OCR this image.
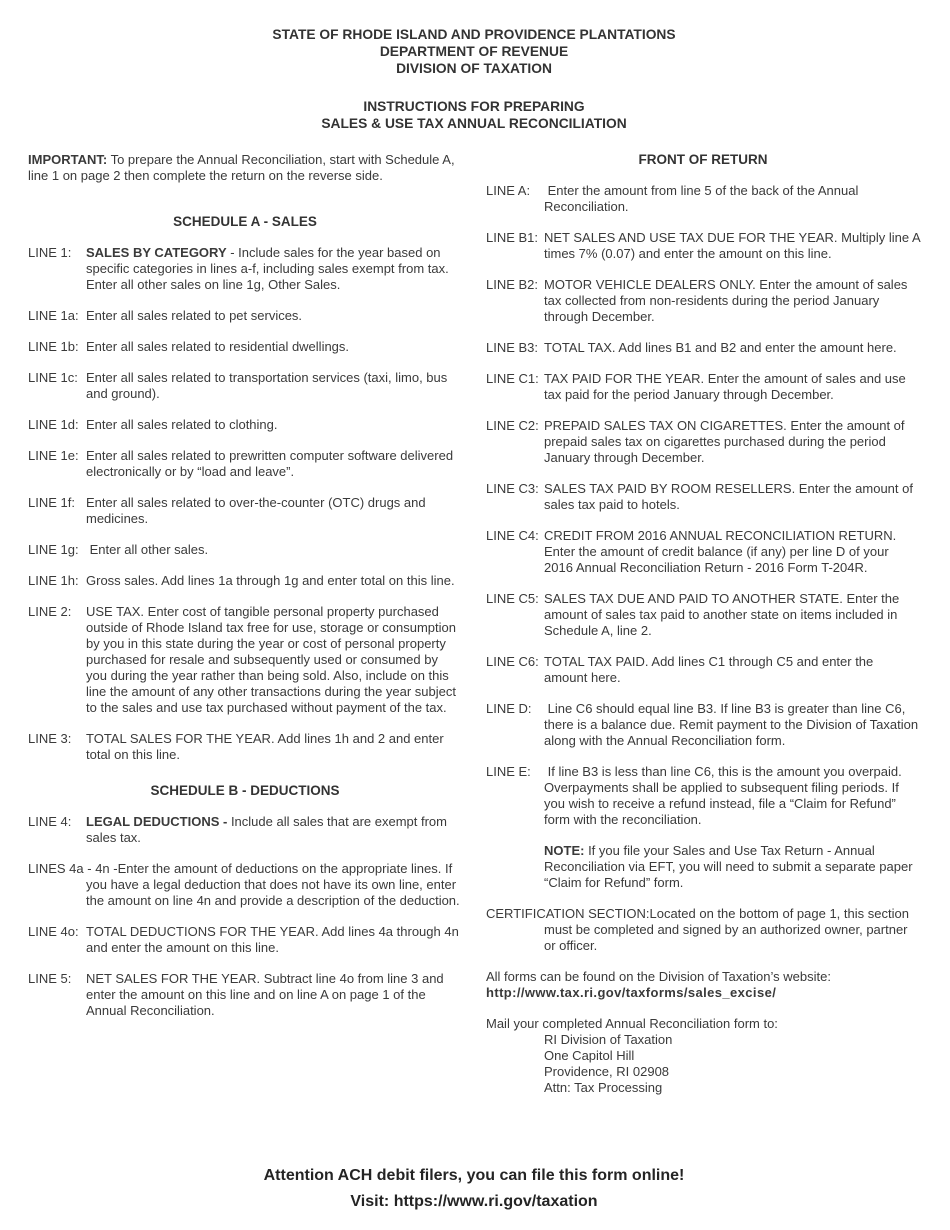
STATE OF RHODE ISLAND AND PROVIDENCE PLANTATIONS
DEPARTMENT OF REVENUE
DIVISION OF TAXATION
INSTRUCTIONS FOR PREPARING
SALES & USE TAX ANNUAL RECONCILIATION
IMPORTANT: To prepare the Annual Reconciliation, start with Schedule A, line 1 on page 2 then complete the return on the reverse side.
SCHEDULE A - SALES
LINE 1: SALES BY CATEGORY - Include sales for the year based on specific categories in lines a-f, including sales exempt from tax. Enter all other sales on line 1g, Other Sales.
LINE 1a: Enter all sales related to pet services.
LINE 1b: Enter all sales related to residential dwellings.
LINE 1c: Enter all sales related to transportation services (taxi, limo, bus and ground).
LINE 1d: Enter all sales related to clothing.
LINE 1e: Enter all sales related to prewritten computer software delivered electronically or by “load and leave”.
LINE 1f: Enter all sales related to over-the-counter (OTC) drugs and medicines.
LINE 1g: Enter all other sales.
LINE 1h: Gross sales. Add lines 1a through 1g and enter total on this line.
LINE 2: USE TAX. Enter cost of tangible personal property purchased outside of Rhode Island tax free for use, storage or consumption by you in this state during the year or cost of personal property purchased for resale and subsequently used or consumed by you during the year rather than being sold. Also, include on this line the amount of any other transactions during the year subject to the sales and use tax purchased without payment of the tax.
LINE 3: TOTAL SALES FOR THE YEAR. Add lines 1h and 2 and enter total on this line.
SCHEDULE B - DEDUCTIONS
LINE 4: LEGAL DEDUCTIONS - Include all sales that are exempt from sales tax.
LINES 4a - 4n -Enter the amount of deductions on the appropriate lines. If you have a legal deduction that does not have its own line, enter the amount on line 4n and provide a description of the deduction.
LINE 4o: TOTAL DEDUCTIONS FOR THE YEAR. Add lines 4a through 4n and enter the amount on this line.
LINE 5: NET SALES FOR THE YEAR. Subtract line 4o from line 3 and enter the amount on this line and on line A on page 1 of the Annual Reconciliation.
FRONT OF RETURN
LINE A: Enter the amount from line 5 of the back of the Annual Reconciliation.
LINE B1: NET SALES AND USE TAX DUE FOR THE YEAR. Multiply line A times 7% (0.07) and enter the amount on this line.
LINE B2: MOTOR VEHICLE DEALERS ONLY. Enter the amount of sales tax collected from non-residents during the period January through December.
LINE B3: TOTAL TAX. Add lines B1 and B2 and enter the amount here.
LINE C1: TAX PAID FOR THE YEAR. Enter the amount of sales and use tax paid for the period January through December.
LINE C2: PREPAID SALES TAX ON CIGARETTES. Enter the amount of prepaid sales tax on cigarettes purchased during the period January through December.
LINE C3: SALES TAX PAID BY ROOM RESELLERS. Enter the amount of sales tax paid to hotels.
LINE C4: CREDIT FROM 2016 ANNUAL RECONCILIATION RETURN. Enter the amount of credit balance (if any) per line D of your 2016 Annual Reconciliation Return - 2016 Form T-204R.
LINE C5: SALES TAX DUE AND PAID TO ANOTHER STATE. Enter the amount of sales tax paid to another state on items included in Schedule A, line 2.
LINE C6: TOTAL TAX PAID. Add lines C1 through C5 and enter the amount here.
LINE D: Line C6 should equal line B3. If line B3 is greater than line C6, there is a balance due. Remit payment to the Division of Taxation along with the Annual Reconciliation form.
LINE E: If line B3 is less than line C6, this is the amount you overpaid. Overpayments shall be applied to subsequent filing periods. If you wish to receive a refund instead, file a “Claim for Refund” form with the reconciliation.
NOTE: If you file your Sales and Use Tax Return - Annual Reconciliation via EFT, you will need to submit a separate paper “Claim for Refund” form.
CERTIFICATION SECTION:Located on the bottom of page 1, this section must be completed and signed by an authorized owner, partner or officer.
All forms can be found on the Division of Taxation’s website:
http://www.tax.ri.gov/taxforms/sales_excise/
Mail your completed Annual Reconciliation form to:
RI Division of Taxation
One Capitol Hill
Providence, RI 02908
Attn: Tax Processing
Attention ACH debit filers, you can file this form online!
Visit: https://www.ri.gov/taxation
